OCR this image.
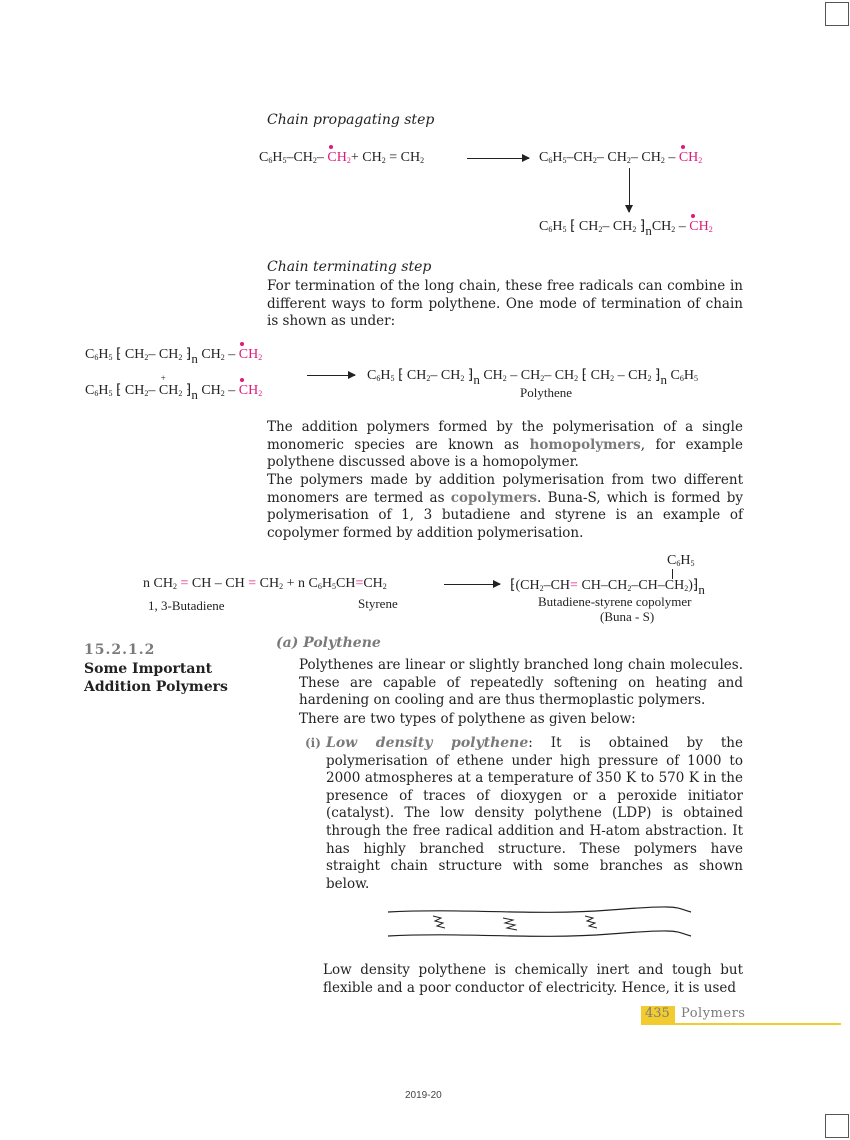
Chain propagating step
$C_6H_5-CH_2-$ $CH_2+ CH_2 = CH_2$	$C_6H_5-CH_2-$ $CH_2-$ $CH_2 - CH_2$
$C_6H_5$ ⁅ $CH_2-$ $CH_2$ ⁆nCH$_2$ – $CH_2$
Chain terminating step
For termination of the long chain, these free radicals can combine in different ways to form polythene. One mode of termination of chain is shown as under:
$C_6H_5$ ⁅ $CH_2-$ $CH_2$ ⁆n $CH_2 - CH_2$
$C_6H_5$ ⁅ $CH_2- + CH_2$ ⁆n $CH_2 - CH_2$
$C_6H_5$ ⁅ $CH_2-$ $CH_2$ ⁆n $CH_2 - CH_2-$ $CH_2$ ⁅ $CH_2 - CH_2$ ⁆n $C_6H_5$
Polythene
The addition polymers formed by the polymerisation of a single monomeric species are known as homopolymers, for example polythene discussed above is a homopolymer.
The polymers made by addition polymerisation from two different monomers are termed as copolymers. Buna-S, which is formed by polymerisation of 1, 3 butadiene and styrene is an example of copolymer formed by addition polymerisation.
n $CH_2$ = CH – CH = $CH_2 + n$ $C_6H_5CH=CH_2$
1, 3-Butadiene	Styrene
$C_6H_5$
$⁅(CH_2-CH=$ $CH-CH_2-CH-CH_2)⁆n$
Butadiene-styrene copolymer
(Buna - S)
15.2.1.2
Some Important
Addition Polymers
(a) Polythene
Polythenes are linear or slightly branched long chain molecules. These are capable of repeatedly softening on heating and hardening on cooling and are thus thermoplastic polymers.
There are two types of polythene as given below:
(i) Low density polythene: It is obtained by the polymerisation of ethene under high pressure of 1000 to 2000 atmospheres at a temperature of 350 K to 570 K in the presence of traces of dioxygen or a peroxide initiator (catalyst). The low density polythene (LDP) is obtained through the free radical addition and H-atom abstraction. It has highly branched structure. These polymers have straight chain structure with some branches as shown below.
Low density polythene is chemically inert and tough but flexible and a poor conductor of electricity. Hence, it is used
435 Polymers
2019-20
